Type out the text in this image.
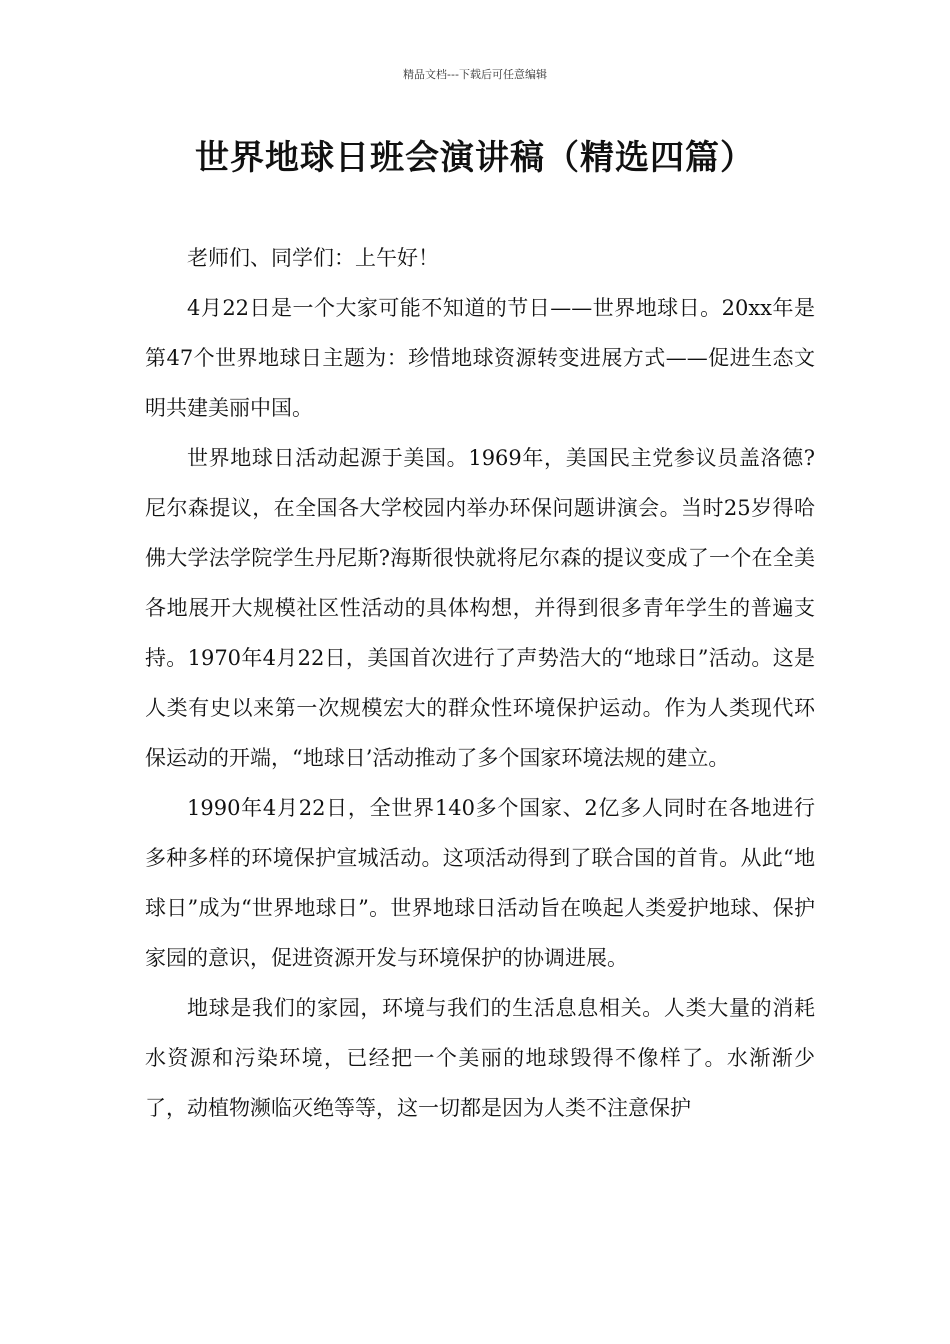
精品文档---下载后可任意编辑
世界地球日班会演讲稿（精选四篇）

老师们、同学们：上午好！

4月22日是一个大家可能不知道的节日——世界地球日。20xx年是第47个世界地球日主题为：珍惜地球资源转变进展方式——促进生态文明共建美丽中国。

世界地球日活动起源于美国。1969年，美国民主党参议员盖洛德?尼尔森提议，在全国各大学校园内举办环保问题讲演会。当时25岁得哈佛大学法学院学生丹尼斯?海斯很快就将尼尔森的提议变成了一个在全美各地展开大规模社区性活动的具体构想，并得到很多青年学生的普遍支持。1970年4月22日，美国首次进行了声势浩大的“地球日”活动。这是人类有史以来第一次规模宏大的群众性环境保护运动。作为人类现代环保运动的开端，“地球日’活动推动了多个国家环境法规的建立。

1990年4月22日，全世界140多个国家、2亿多人同时在各地进行多种多样的环境保护宣城活动。这项活动得到了联合国的首肯。从此“地球日”成为“世界地球日”。世界地球日活动旨在唤起人类爱护地球、保护家园的意识，促进资源开发与环境保护的协调进展。

地球是我们的家园，环境与我们的生活息息相关。人类大量的消耗水资源和污染环境，已经把一个美丽的地球毁得不像样了。水渐渐少了，动植物濒临灭绝等等，这一切都是因为人类不注意保护
